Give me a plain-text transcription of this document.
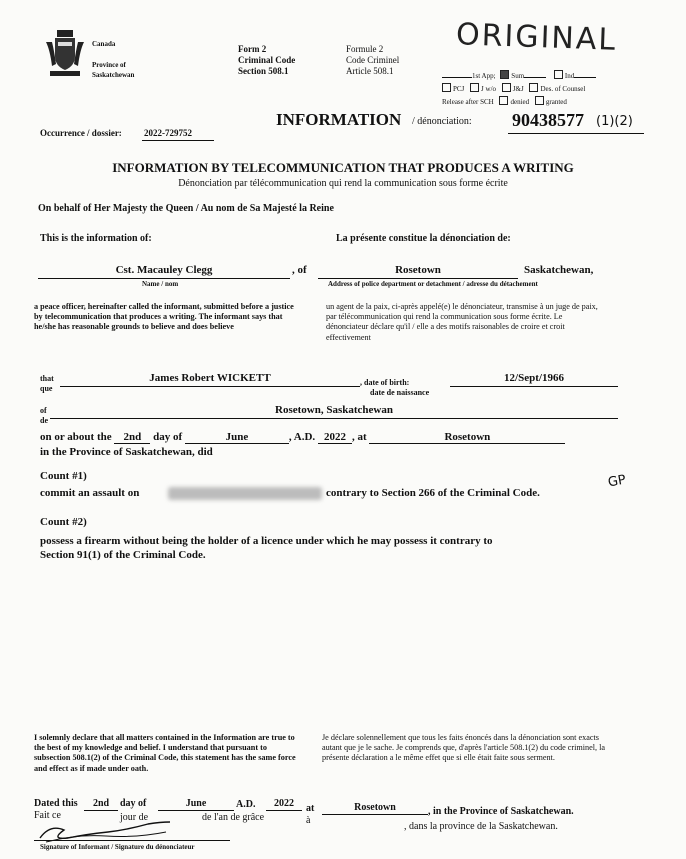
Canada
Province of
Saskatchewan
Form 2
Criminal Code
Section 508.1
Formule 2
Code Criminel
Article 508.1
ORIGINAL
1st App; Sum	Ind
PCJ J w/o J&J Des. of Counsel
Release after SCH denied granted
Occurrence / dossier: 2022-729752
INFORMATION / dénonciation: 90438577 (1)(2)
INFORMATION BY TELECOMMUNICATION THAT PRODUCES A WRITING
Dénonciation par télécommunication qui rend la communication sous forme écrite
On behalf of Her Majesty the Queen / Au nom de Sa Majesté la Reine
This is the information of:	La présente constitue la dénonciation de:
Cst. Macauley Clegg	, of	Rosetown	Saskatchewan,
Name / nom	Address of police department or detachment / adresse du détachement
a peace officer, hereinafter called the informant, submitted before a justice by telecommunication that produces a writing. The informant says that he/she has reasonable grounds to believe and does believe
un agent de la paix, ci-après appelé(e) le dénonciateur, transmise à un juge de paix, par télécommunication qui rend la communication sous forme écrite. Le dénonciateur déclare qu'il / elle a des motifs raisonables de croire et croit effectivement
that
que
James Robert WICKETT	, date of birth:
date de naissance
12/Sept/1966
of
de
Rosetown, Saskatchewan
on or about the 2nd day of	June	, A.D. 2022 , at	Rosetown
in the Province of Saskatchewan, did
Count #1)
commit an assault on	contrary to Section 266 of the Criminal Code.
GP
Count #2)
possess a firearm without being the holder of a licence under which he may possess it contrary to
Section 91(1) of the Criminal Code.
I solemnly declare that all matters contained in the Information are true to the best of my knowledge and belief. I understand that pursuant to subsection 508.1(2) of the Criminal Code, this statement has the same force and effect as if made under oath.
Je déclare solennellement que tous les faits énoncés dans la dénonciation sont exacts autant que je le sache. Je comprends que, d'après l'article 508.1(2) du code criminel, la présente déclaration a le même effet que si elle était faite sous serment.
Dated this
Fait ce
2nd	day of
jour de
June	A.D.	2022
de l'an de grâce
at
à
Rosetown	, in the Province of Saskatchewan.
, dans la province de la Saskatchewan.
Signature of Informant / Signature du dénonciateur
